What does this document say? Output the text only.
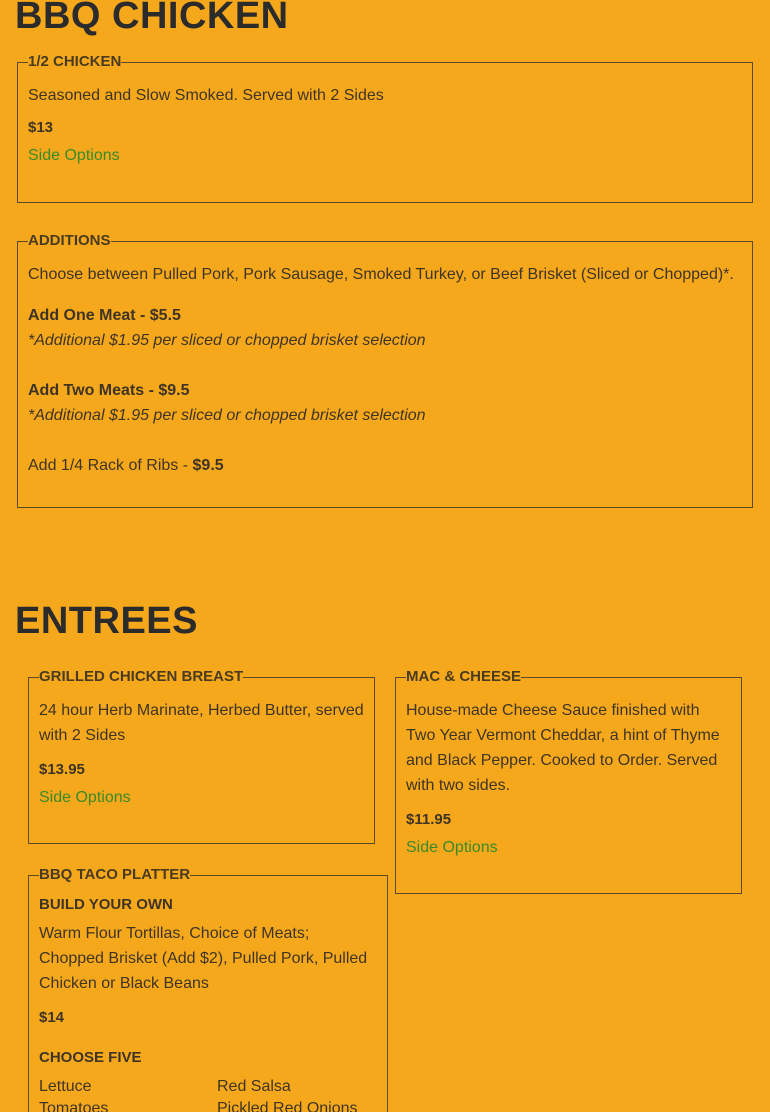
BBQ CHICKEN
1/2 CHICKEN
Seasoned and Slow Smoked. Served with 2 Sides
$13
Side Options
ADDITIONS
Choose between Pulled Pork, Pork Sausage, Smoked Turkey, or Beef Brisket (Sliced or Chopped)*.
Add One Meat - $5.5
*Additional $1.95 per sliced or chopped brisket selection
Add Two Meats - $9.5
*Additional $1.95 per sliced or chopped brisket selection
Add 1/4 Rack of Ribs - $9.5
ENTREES
GRILLED CHICKEN BREAST
24 hour Herb Marinate, Herbed Butter, served with 2 Sides
$13.95
Side Options
MAC & CHEESE
House-made Cheese Sauce finished with Two Year Vermont Cheddar, a hint of Thyme and Black Pepper. Cooked to Order. Served with two sides.
$11.95
Side Options
BBQ TACO PLATTER
BUILD YOUR OWN
Warm Flour Tortillas, Choice of Meats; Chopped Brisket (Add $2), Pulled Pork, Pulled Chicken or Black Beans
$14
CHOOSE FIVE
Lettuce	Red Salsa
Tomatoes	Pickled Red Onions
